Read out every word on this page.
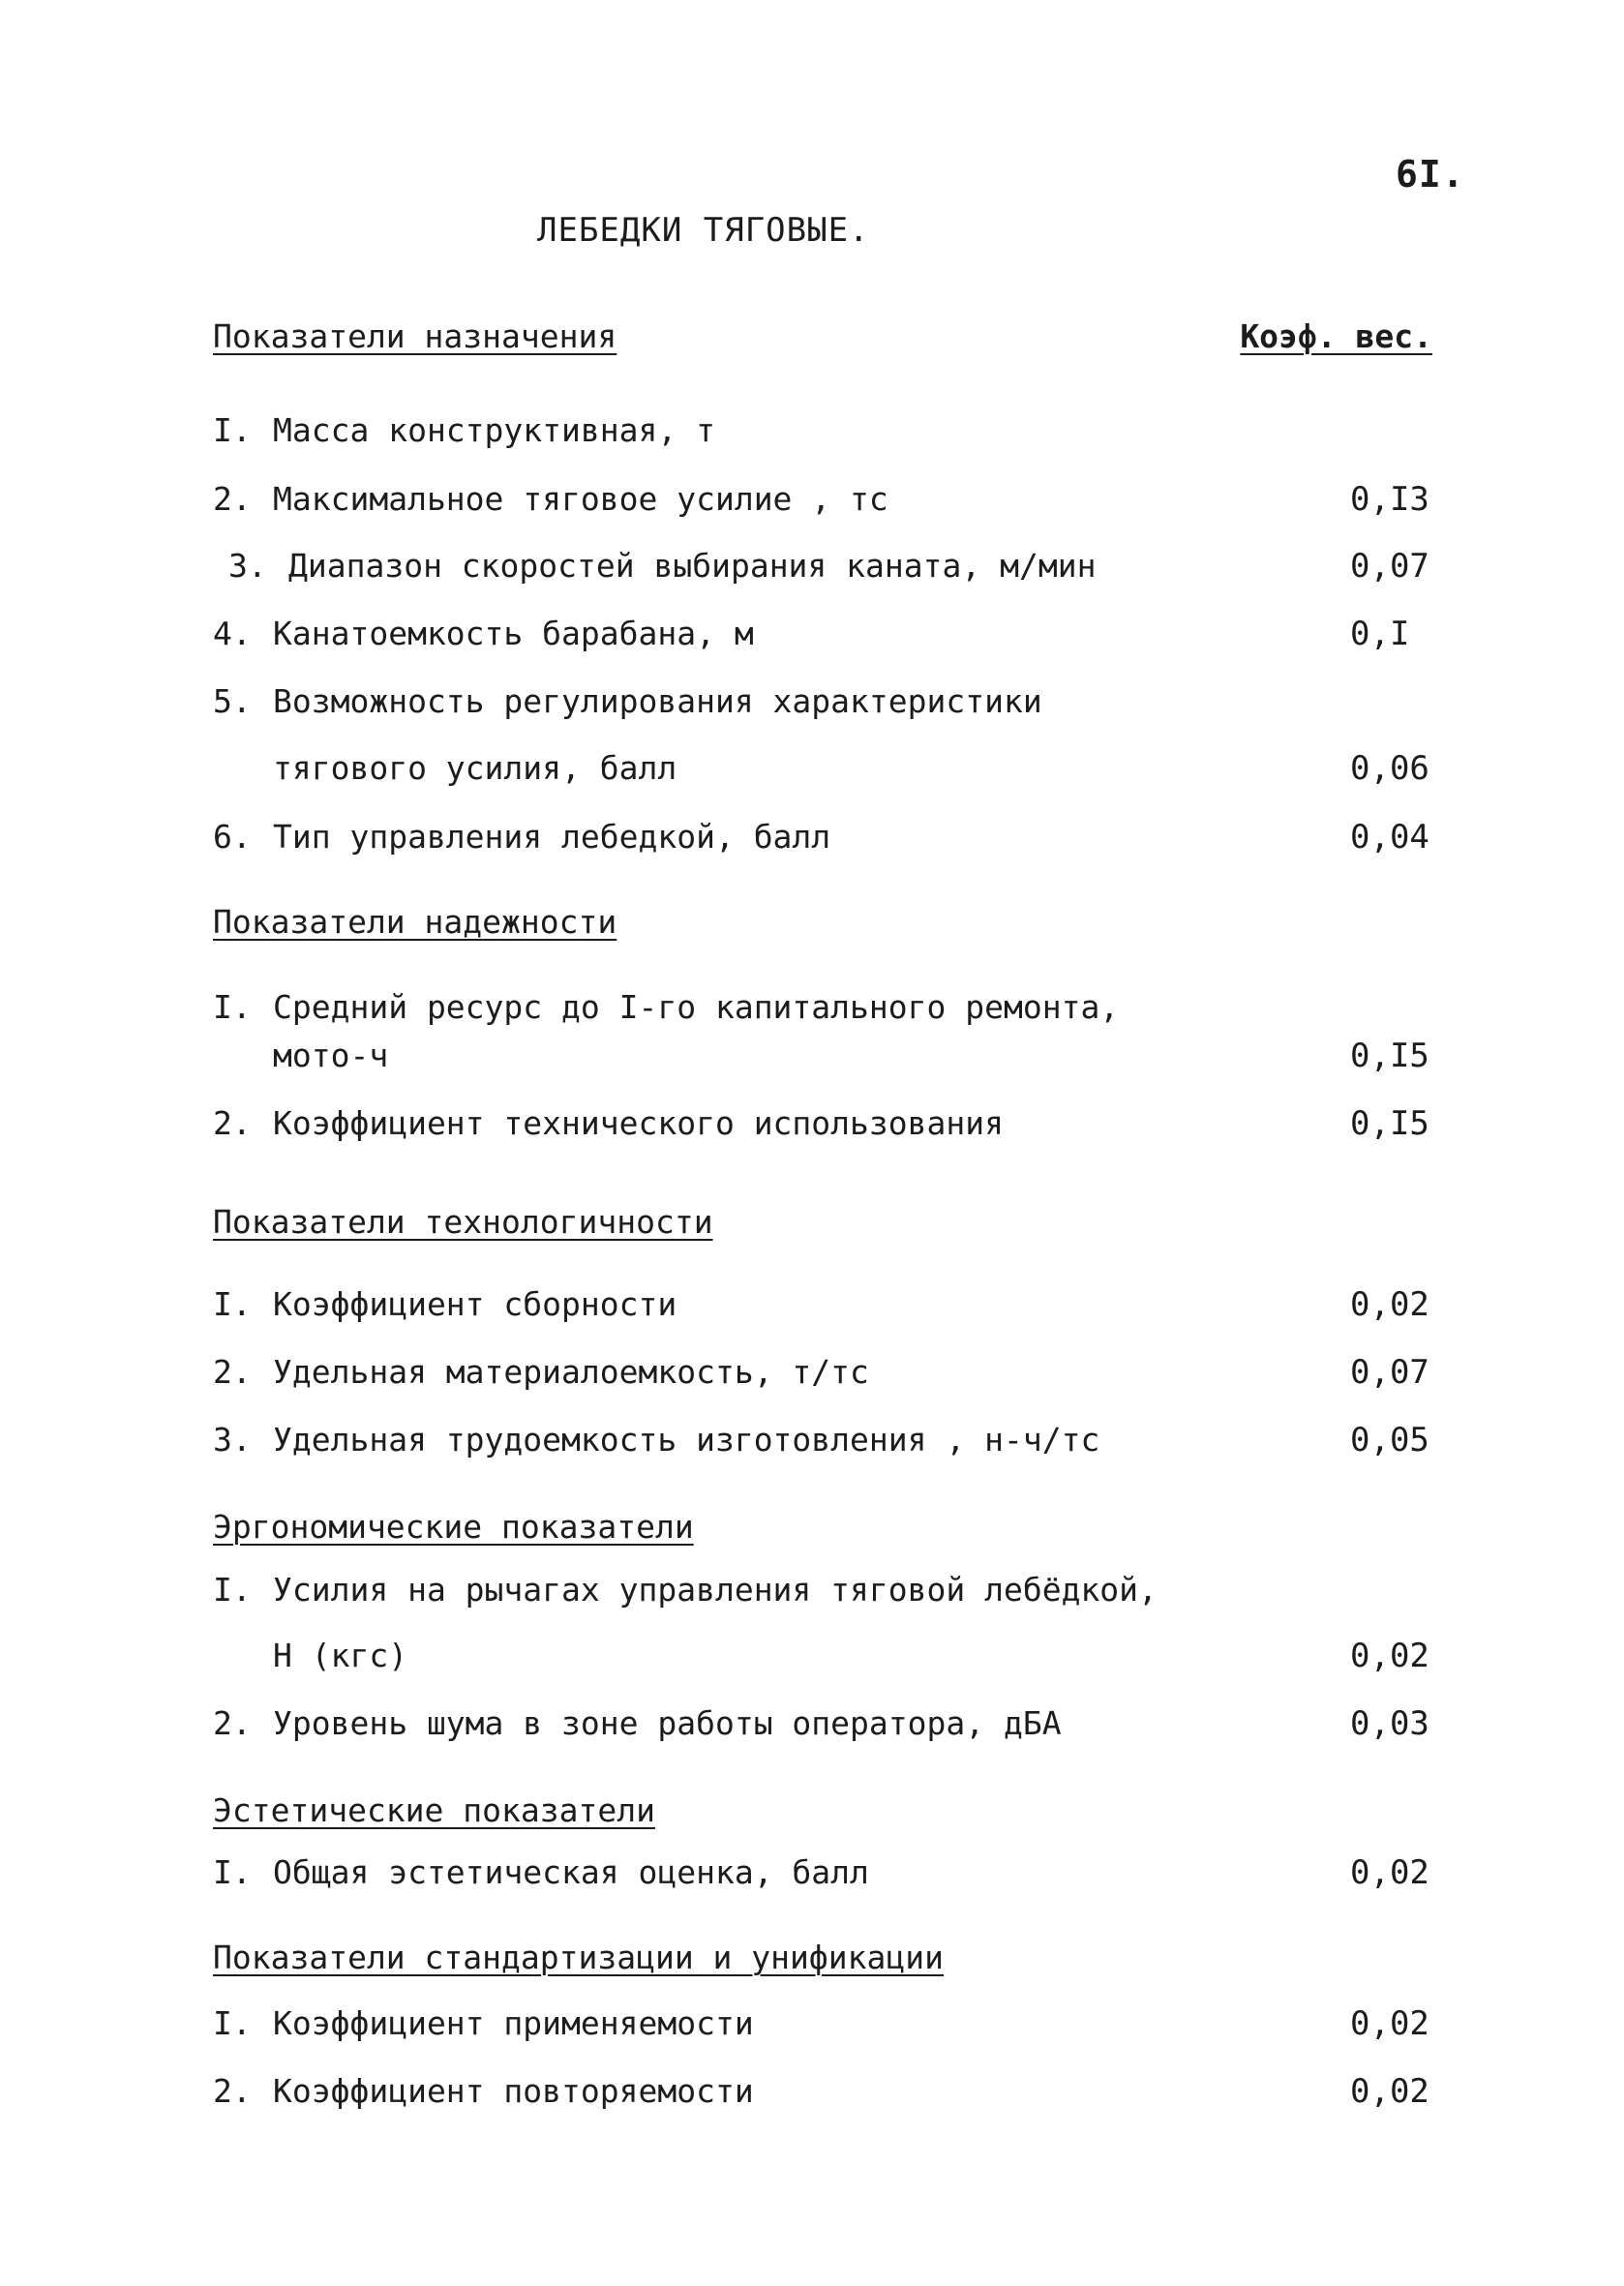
6I.
ЛЕБЕДКИ ТЯГОВЫЕ.
Показатели назначения	Коэф. вес.
I. Масса конструктивная, т
2. Максимальное тяговое усилие , тс	0,I3
3. Диапазон скоростей выбирания каната, м/мин	0,07
4. Канатоемкость барабана, м	0,I
5. Возможность регулирования характеристики
тягового усилия, балл	0,06
6. Тип управления лебедкой, балл	0,04
Показатели надежности
I. Средний ресурс до I-го капитального ремонта,
мото-ч	0,I5
2. Коэффициент технического использования	0,I5
Показатели технологичности
I. Коэффициент сборности	0,02
2. Удельная материалоемкость, т/тс	0,07
3. Удельная трудоемкость изготовления , н-ч/тс	0,05
Эргономические показатели
I. Усилия на рычагах управления тяговой лебёдкой,
Н (кгс)	0,02
2. Уровень шума в зоне работы оператора, дБА	0,03
Эстетические показатели
I. Общая эстетическая оценка, балл	0,02
Показатели стандартизации и унификации
I. Коэффициент применяемости	0,02
2. Коэффициент повторяемости	0,02
